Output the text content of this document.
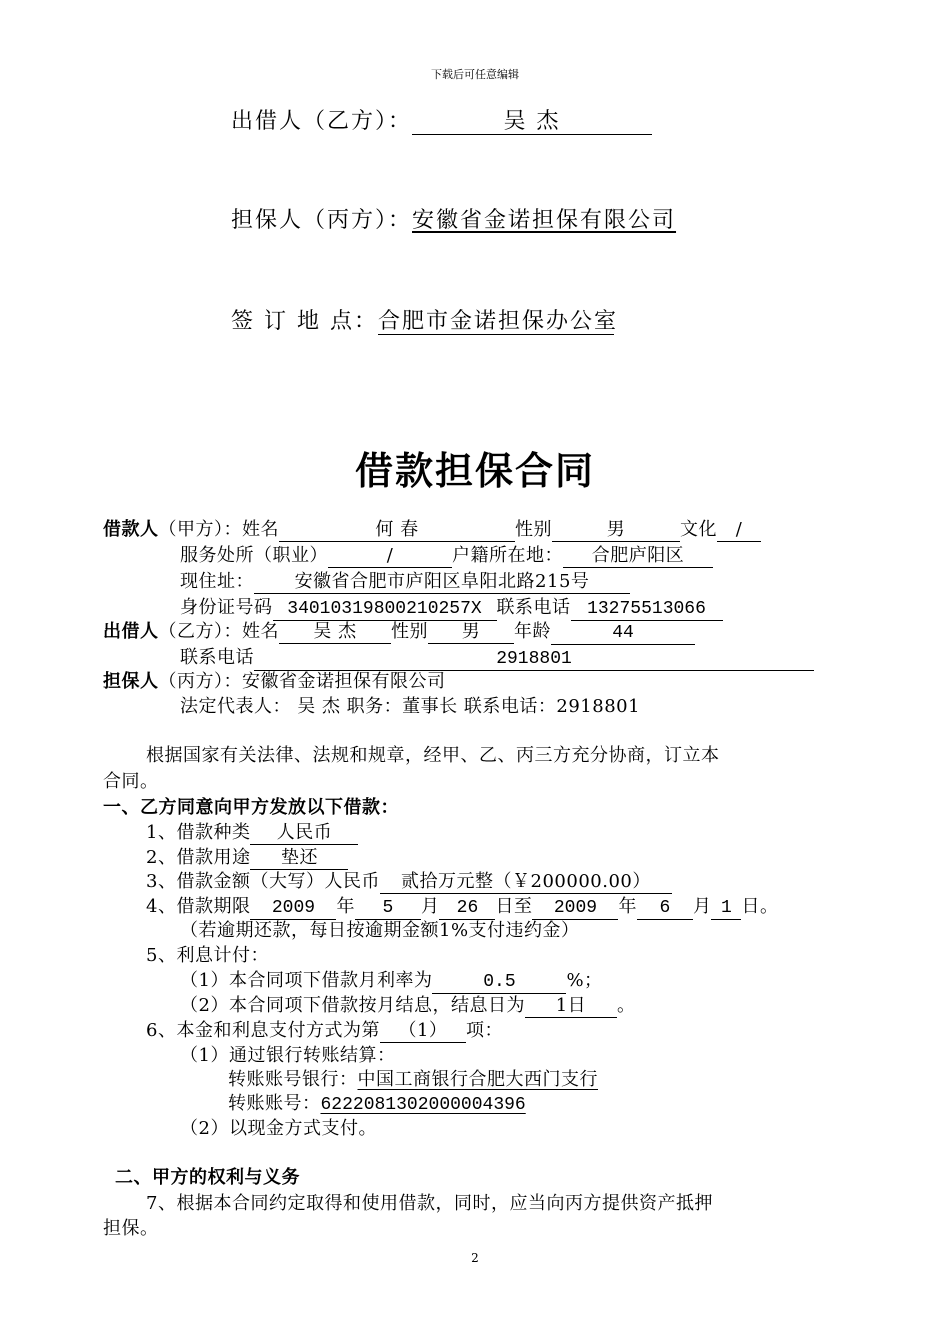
下载后可任意编辑
出借人（乙方）：	吴 杰
担保人（丙方）：安徽省金诺担保有限公司
签 订 地 点：合肥市金诺担保办公室
借款担保合同
借款人（甲方）：姓名	何 春	性别	男	文化 /
服务处所（职业）	/	户籍所在地： 合肥庐阳区
现住址： 安徽省合肥市庐阳区阜阳北路215号
身份证号码 34010319800210257X 联系电话 13275513066
出借人（乙方）：姓名 吴 杰 性别 男 年龄	44
联系电话	2918801
担保人（丙方）：安徽省金诺担保有限公司
法定代表人： 吴 杰 职务：董事长 联系电话：2918801
根据国家有关法律、法规和规章，经甲、乙、丙三方充分协商，订立本
合同。
一、乙方同意向甲方发放以下借款：
1、借款种类 人民币
2、借款用途 垫还
3、借款金额（大写）人民币 贰拾万元整（￥200000.00）
4、借款期限 2009 年 5 月 26 日至 2009 年 6 月 1 日。
（若逾期还款，每日按逾期金额1%支付违约金）
5、利息计付：
（1）本合同项下借款月利率为	0.5	%；
（2）本合同项下借款按月结息，结息日为 1日 。
6、本金和利息支付方式为第 （1） 项：
（1）通过银行转账结算：
转账账号银行：中国工商银行合肥大西门支行
转账账号：6222081302000004396
（2）以现金方式支付。
二、甲方的权利与义务
7、根据本合同约定取得和使用借款，同时，应当向丙方提供资产抵押
担保。
2
